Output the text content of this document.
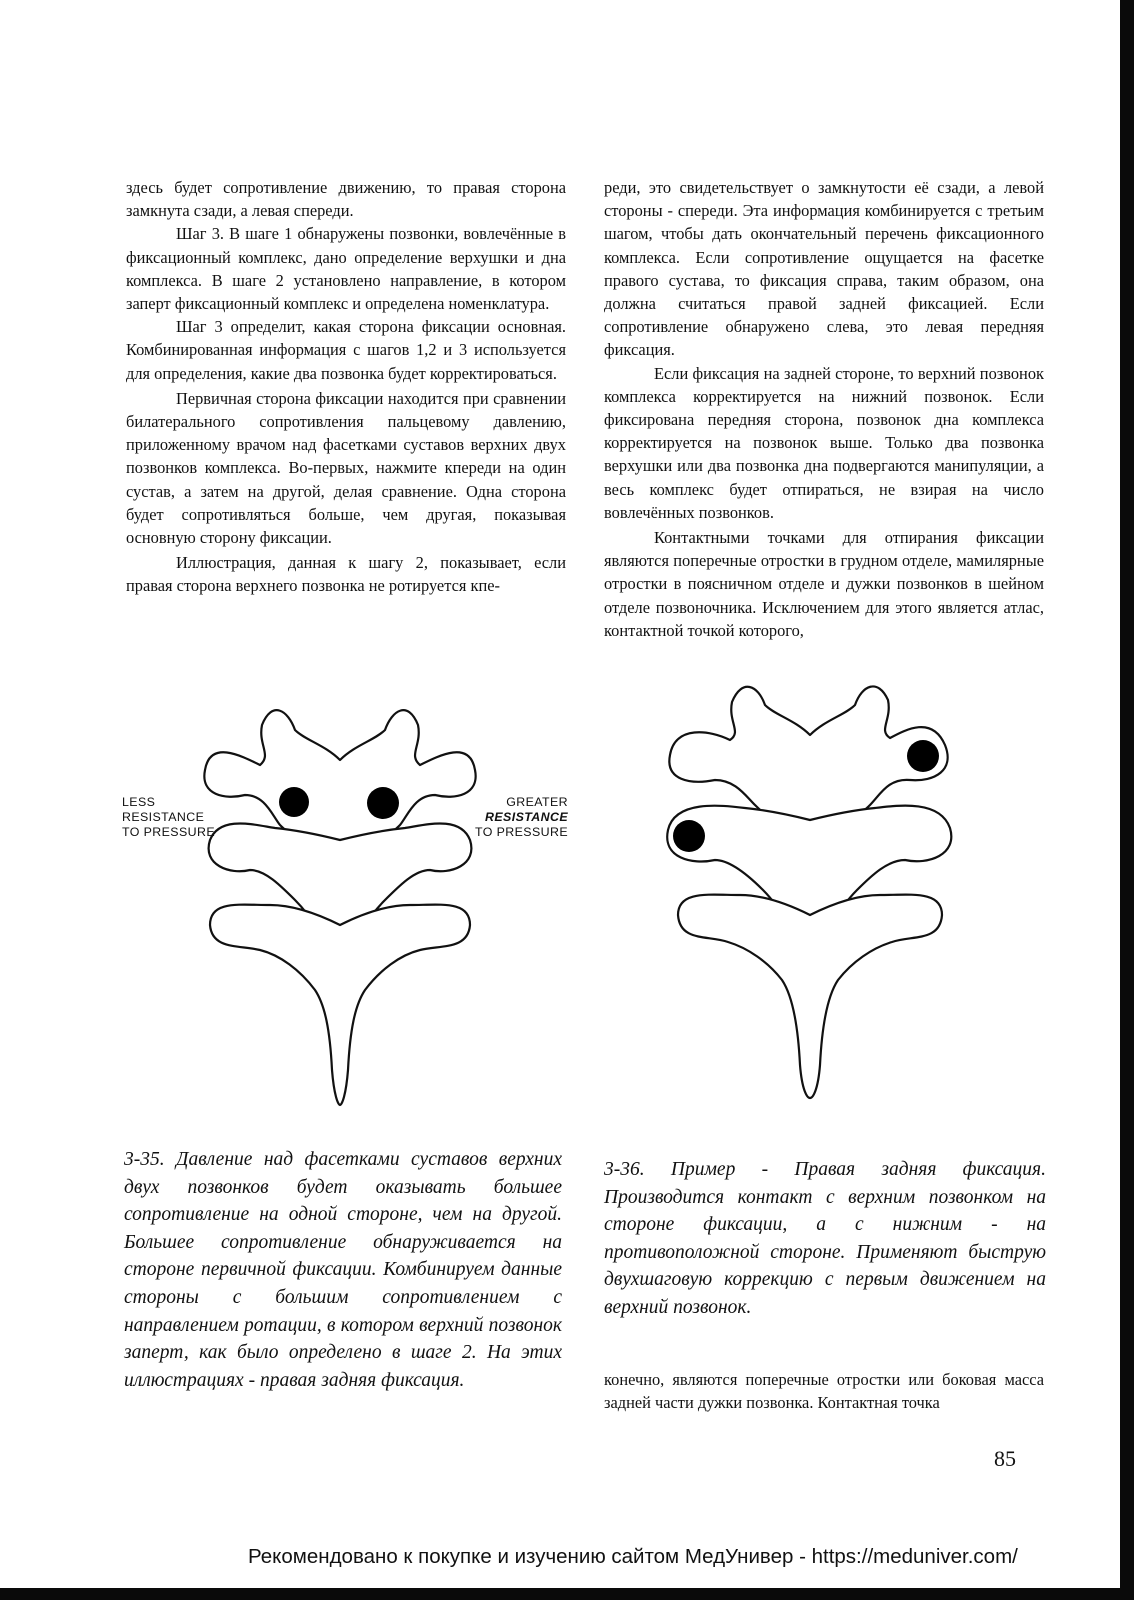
здесь будет сопротивление движению, то правая сторона замкнута сзади, а левая спереди.

Шаг 3. В шаге 1 обнаружены позвонки, вовлечённые в фиксационный комплекс, дано определение верхушки и дна комплекса. В шаге 2 установлено направление, в котором заперт фиксационный комплекс и определена номенклатура.

Шаг 3 определит, какая сторона фиксации основная. Комбинированная информация с шагов 1,2 и 3 используется для определения, какие два позвонка будет корректироваться.

Первичная сторона фиксации находится при сравнении билатерального сопротивления пальцевому давлению, приложенному врачом над фасетками суставов верхних двух позвонков комплекса. Во-первых, нажмите кпереди на один сустав, а затем на другой, делая сравнение. Одна сторона будет сопротивляться больше, чем другая, показывая основную сторону фиксации.

Иллюстрация, данная к шагу 2, показывает, если правая сторона верхнего позвонка не ротируется кпе-

реди, это свидетельствует о замкнутости её сзади, а левой стороны - спереди. Эта информация комбинируется с третьим шагом, чтобы дать окончательный перечень фиксационного комплекса. Если сопротивление ощущается на фасетке правого сустава, то фиксация справа, таким образом, она должна считаться правой задней фиксацией. Если сопротивление обнаружено слева, это левая передняя фиксация.

Если фиксация на задней стороне, то верхний позвонок комплекса корректируется на нижний позвонок. Если фиксирована передняя сторона, позвонок дна комплекса корректируется на позвонок выше. Только два позвонка верхушки или два позвонка дна подвергаются манипуляции, а весь комплекс будет отпираться, не взирая на число вовлечённых позвонков.

Контактными точками для отпирания фиксации являются поперечные отростки в грудном отделе, мамилярные отростки в поясничном отделе и дужки позвонков в шейном отделе позвоночника. Исключением для этого является атлас, контактной точкой которого,

LESS
RESISTANCE
TO PRESSURE
GREATER
RESISTANCE
TO PRESSURE
3-35. Давление над фасетками суставов верхних двух позвонков будет оказывать большее сопротивление на одной стороне, чем на другой. Большее сопротивление обнаруживается на стороне первичной фиксации. Комбинируем данные стороны с большим сопротивлением с направлением ротации, в котором верхний позвонок заперт, как было определено в шаге 2. На этих иллюстрациях - правая задняя фиксация.
3-36. Пример - Правая задняя фиксация. Производится контакт с верхним позвонком на стороне фиксации, а с нижним - на противоположной стороне. Применяют быструю двухшаговую коррекцию с первым движением на верхний позвонок.

конечно, являются поперечные отростки или боковая масса задней части дужки позвонка. Контактная точка

85
Рекомендовано к покупке и изучению сайтом МедУнивер - https://meduniver.com/
